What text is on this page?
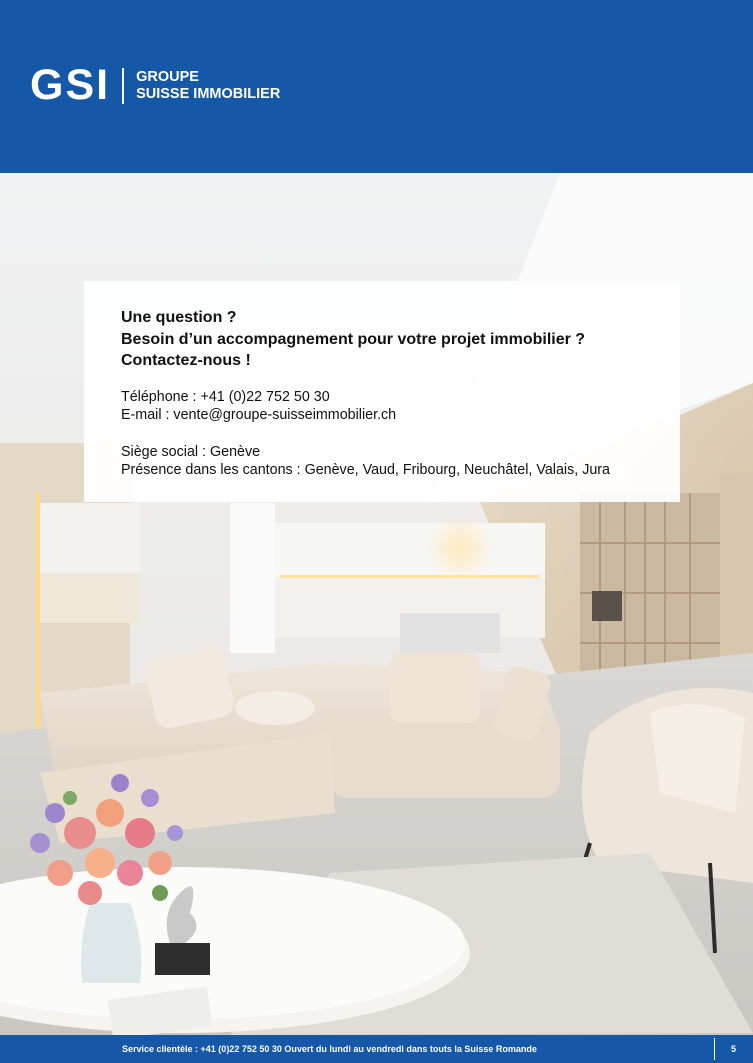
GSI GROUPE
SUISSE IMMOBILIER
Une question ?
Besoin d’un accompagnement pour votre projet immobilier ?
Contactez-nous !
Téléphone : +41 (0)22 752 50 30
E-mail : vente@groupe-suisseimmobilier.ch
Siège social : Genève
Présence dans les cantons : Genève, Vaud, Fribourg, Neuchâtel, Valais, Jura
Service clientèle : +41 (0)22 752 50 30 Ouvert du lundi au vendredi dans touts la Suisse Romande	5
